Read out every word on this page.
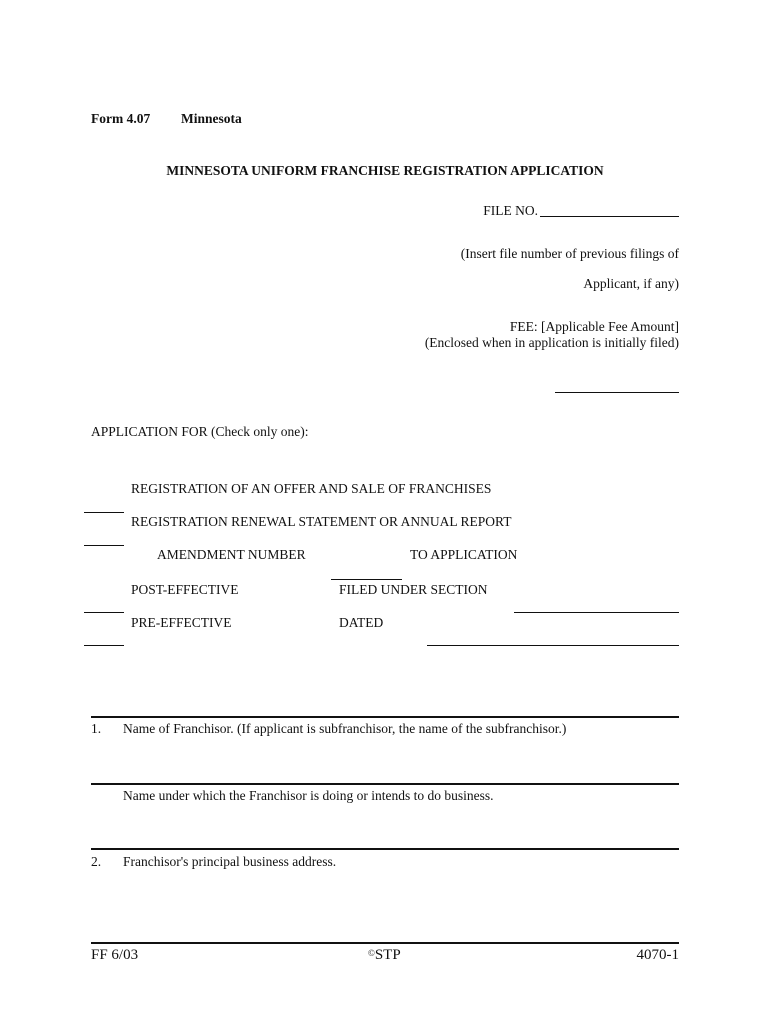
Form 4.07 Minnesota
MINNESOTA UNIFORM FRANCHISE REGISTRATION APPLICATION
FILE NO.
(Insert file number of previous filings of
Applicant, if any)
FEE: [Applicable Fee Amount]
(Enclosed when in application is initially filed)
APPLICATION FOR (Check only one):
REGISTRATION OF AN OFFER AND SALE OF FRANCHISES
REGISTRATION RENEWAL STATEMENT OR ANNUAL REPORT
AMENDMENT NUMBER	TO APPLICATION
POST-EFFECTIVE	FILED UNDER SECTION
PRE-EFFECTIVE	DATED
1. Name of Franchisor. (If applicant is subfranchisor, the name of the subfranchisor.)
Name under which the Franchisor is doing or intends to do business.
2. Franchisor's principal business address.
FF 6/03	©STP	4070-1
